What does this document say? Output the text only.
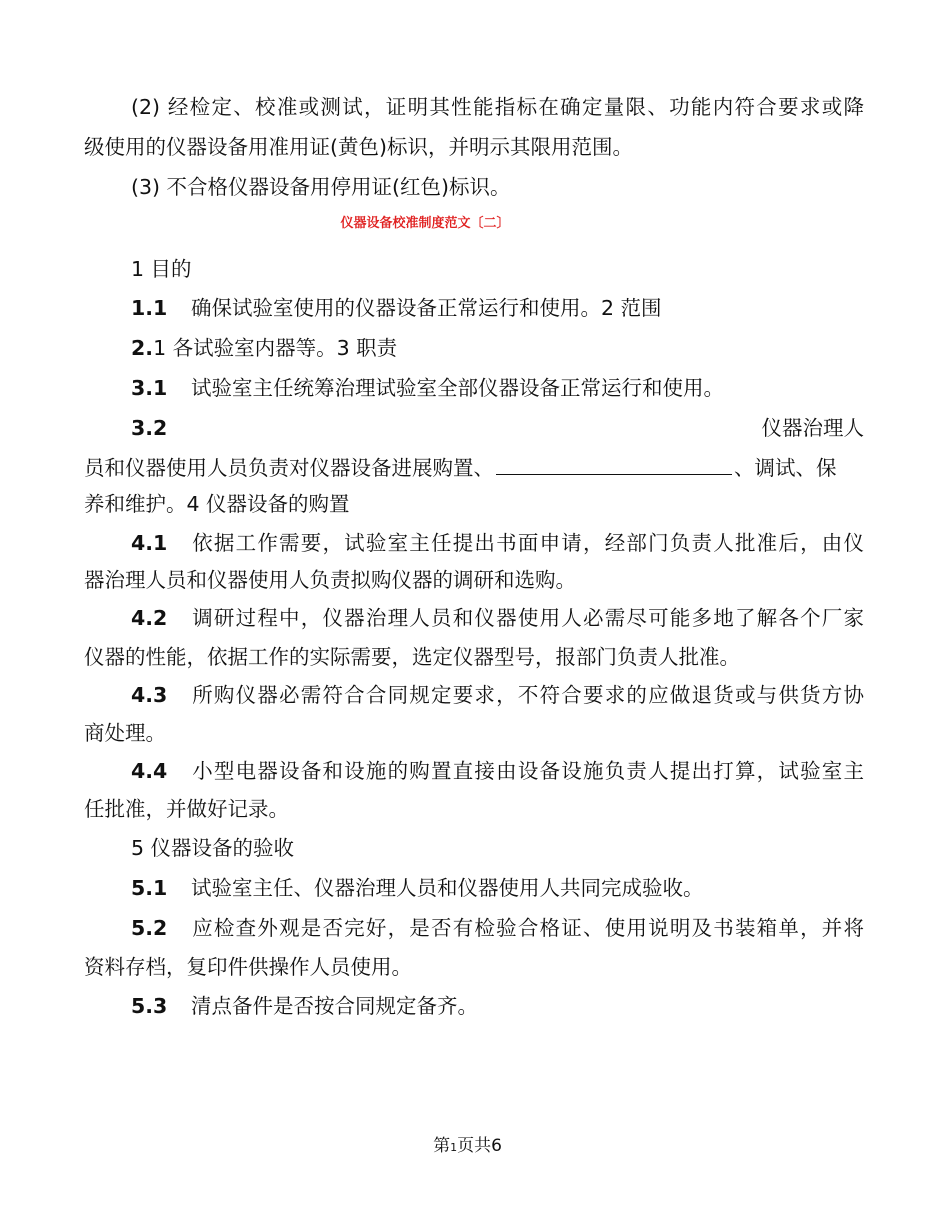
(2) 经检定、校准或测试，证明其性能指标在确定量限、功能内符合要求或降
级使用的仪器设备用准用证(黄色)标识，并明示其限用范围。
(3) 不合格仪器设备用停用证(红色)标识。
仪器设备校准制度范文〔二〕
1 目的
1.1 确保试验室使用的仪器设备正常运行和使用。2 范围
2.1 各试验室内器等。3 职责
3.1 试验室主任统筹治理试验室全部仪器设备正常运行和使用。
3.2	仪器治理人
员和仪器使用人员负责对仪器设备进展购置、	、调试、保
养和维护。4 仪器设备的购置
4.1 依据工作需要，试验室主任提出书面申请，经部门负责人批准后，由仪
器治理人员和仪器使用人负责拟购仪器的调研和选购。
4.2 调研过程中，仪器治理人员和仪器使用人必需尽可能多地了解各个厂家
仪器的性能，依据工作的实际需要，选定仪器型号，报部门负责人批准。
4.3 所购仪器必需符合合同规定要求，不符合要求的应做退货或与供货方协
商处理。
4.4 小型电器设备和设施的购置直接由设备设施负责人提出打算，试验室主
任批准，并做好记录。
5 仪器设备的验收
5.1 试验室主任、仪器治理人员和仪器使用人共同完成验收。
5.2 应检查外观是否完好，是否有检验合格证、使用说明及书装箱单，并将
资料存档，复印件供操作人员使用。
5.3 清点备件是否按合同规定备齐。
第1页共6
